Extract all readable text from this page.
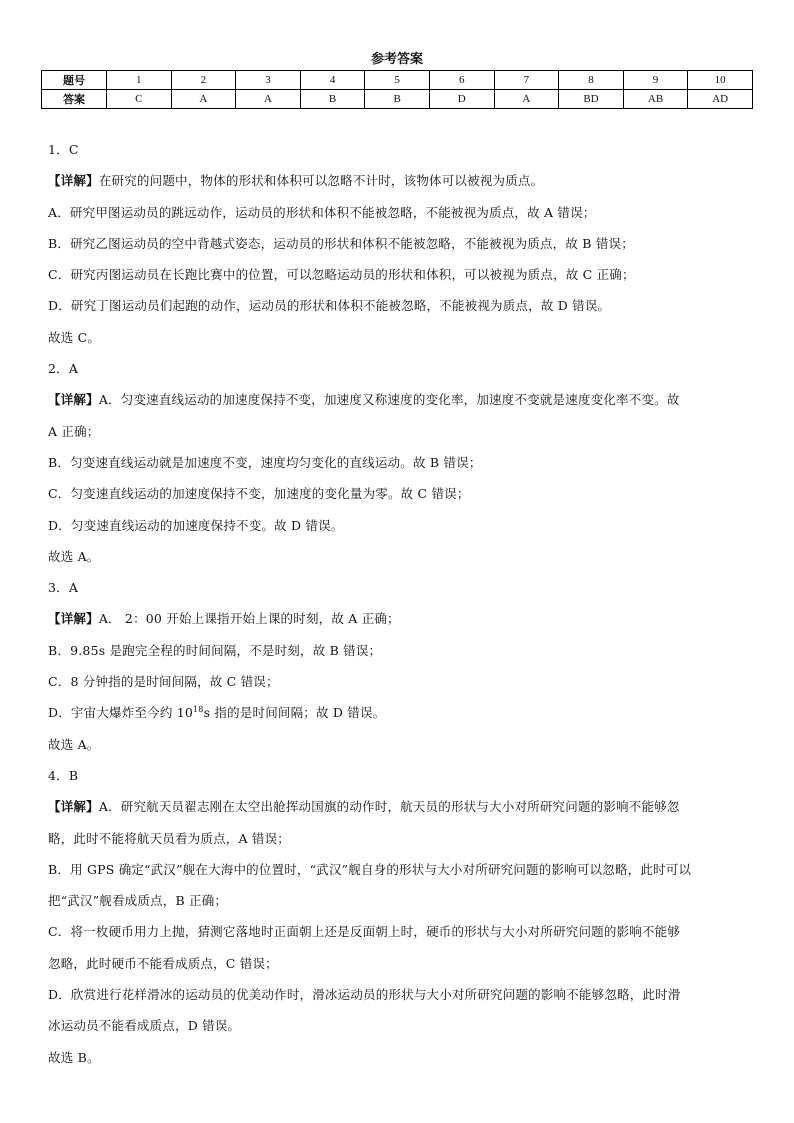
参考答案
题号	1	2	3	4	5	6	7	8	9	10
答案	C	A	A	B	B	D	A	BD	AB	AD
1．C
【详解】在研究的问题中，物体的形状和体积可以忽略不计时，该物体可以被视为质点。
A．研究甲图运动员的跳远动作，运动员的形状和体积不能被忽略，不能被视为质点，故 A 错误；
B．研究乙图运动员的空中背越式姿态，运动员的形状和体积不能被忽略，不能被视为质点，故 B 错误；
C．研究丙图运动员在长跑比赛中的位置，可以忽略运动员的形状和体积，可以被视为质点，故 C 正确；
D．研究丁图运动员们起跑的动作，运动员的形状和体积不能被忽略，不能被视为质点，故 D 错误。
故选 C。
2．A
【详解】A．匀变速直线运动的加速度保持不变，加速度又称速度的变化率，加速度不变就是速度变化率不变。故
A 正确；
B．匀变速直线运动就是加速度不变，速度均匀变化的直线运动。故 B 错误；
C．匀变速直线运动的加速度保持不变，加速度的变化量为零。故 C 错误；
D．匀变速直线运动的加速度保持不变。故 D 错误。
故选 A。
3．A
【详解】A． 2：00 开始上课指开始上课的时刻，故 A 正确；
B．9.85s 是跑完全程的时间间隔，不是时刻，故 B 错误；
C．8 分钟指的是时间间隔，故 C 错误；
D．宇宙大爆炸至今约 $10^{18}s$ 指的是时间间隔；故 D 错误。
故选 A。
4．B
【详解】A．研究航天员翟志刚在太空出舱挥动国旗的动作时，航天员的形状与大小对所研究问题的影响不能够忽
略，此时不能将航天员看为质点，A 错误；
B．用 GPS 确定“武汉”舰在大海中的位置时，“武汉”舰自身的形状与大小对所研究问题的影响可以忽略，此时可以
把“武汉”舰看成质点，B 正确；
C．将一枚硬币用力上抛，猜测它落地时正面朝上还是反面朝上时，硬币的形状与大小对所研究问题的影响不能够
忽略，此时硬币不能看成质点，C 错误；
D．欣赏进行花样滑冰的运动员的优美动作时，滑冰运动员的形状与大小对所研究问题的影响不能够忽略，此时滑
冰运动员不能看成质点，D 错误。
故选 B。
